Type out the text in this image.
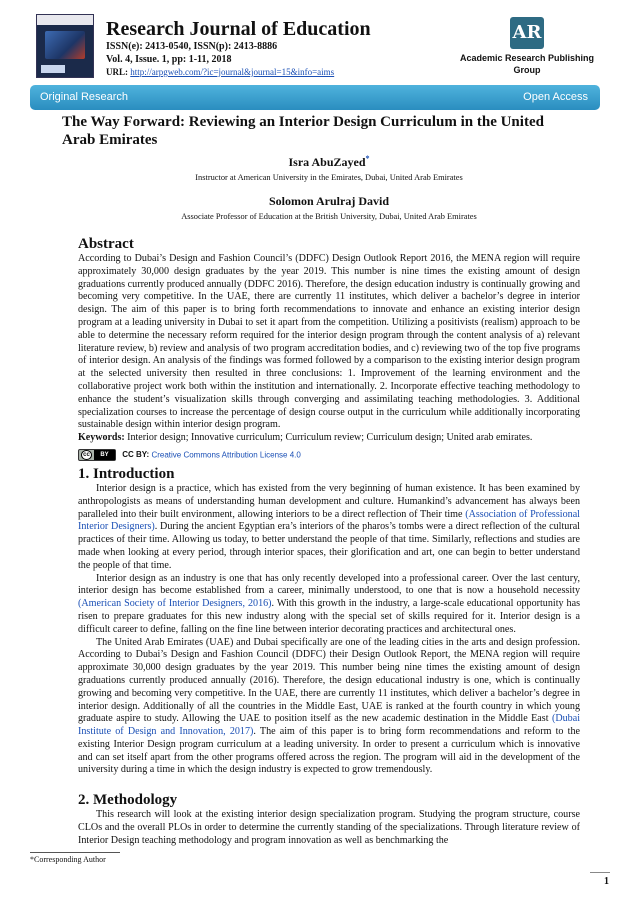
Research Journal of Education
ISSN(e): 2413-0540, ISSN(p): 2413-8886
Vol. 4, Issue. 1, pp: 1-11, 2018
URL: http://arpgweb.com/?ic=journal&journal=15&info=aims
AR
Academic Research Publishing Group
Original Research	Open Access
The Way Forward: Reviewing an Interior Design Curriculum in the United Arab Emirates
Isra AbuZayed*
Instructor at American University in the Emirates, Dubai, United Arab Emirates
Solomon Arulraj David
Associate Professor of Education at the British University, Dubai, United Arab Emirates
Abstract

According to Dubai’s Design and Fashion Council’s (DDFC) Design Outlook Report 2016, the MENA region will require approximately 30,000 design graduates by the year 2019. This number is nine times the existing amount of design graduations currently produced annually (DDFC 2016). Therefore, the design education industry is continually growing and becoming very competitive. In the UAE, there are currently 11 institutes, which deliver a bachelor’s degree in interior design. The aim of this paper is to bring forth recommendations to innovate and enhance an existing interior design program at a leading university in Dubai to set it apart from the competition. Utilizing a positivists (realism) approach to be able to determine the necessary reform required for the interior design program through the content analysis of a) relevant literature review, b) review and analysis of two program accreditation bodies, and c) reviewing two of the top five programs of interior design. An analysis of the findings was formed followed by a comparison to the existing interior design program at the selected university then resulted in three conclusions: 1. Improvement of the learning environment and the collaborative project work both within the institution and internationally. 2. Incorporate effective teaching methodology to enhance the student’s visualization skills through converging and assimilating teaching methodologies. 3. Additional specialization courses to increase the percentage of design course output in the curriculum while additionally incorporating sustainable design within interior design program.

Keywords: Interior design; Innovative curriculum; Curriculum review; Curriculum design; United arab emirates.
cc	BY	CC BY: Creative Commons Attribution License 4.0
1. Introduction

Interior design is a practice, which has existed from the very beginning of human existence. It has been examined by anthropologists as means of understanding human development and culture. Humankind’s advancement has always been paralleled into their built environment, allowing interiors to be a direct reflection of Their time (Association of Professional Interior Designers). During the ancient Egyptian era’s interiors of the pharos’s tombs were a direct reflection of the cultural practices of their time. Allowing us today, to better understand the people of that time. Similarly, reflections and studies are made when looking at every period, through interior spaces, their glorification and art, one can begin to better understand the people of that time.

Interior design as an industry is one that has only recently developed into a professional career. Over the last century, interior design has become established from a career, minimally understood, to one that is now a household necessity (American Society of Interior Designers, 2016). With this growth in the industry, a large-scale educational opportunity has risen to prepare graduates for this new industry along with the special set of skills required for it. Interior design is a difficult career to define, falling on the fine line between interior decorating practices and architectural ones.

The United Arab Emirates (UAE) and Dubai specifically are one of the leading cities in the arts and design profession. According to Dubai’s Design and Fashion Council (DDFC) their Design Outlook Report, the MENA region will require approximate 30,000 design graduates by the year 2019. This number being nine times the existing amount of design graduations currently produced annually (2016). Therefore, the design educational industry is one, which is continually growing and becoming very competitive. In the UAE, there are currently 11 institutes, which deliver a bachelor’s degree in interior design. Additionally of all the countries in the Middle East, UAE is ranked at the fourth country in which young graduate aspire to study. Allowing the UAE to position itself as the new academic destination in the Middle East (Dubai Institute of Design and Innovation, 2017). The aim of this paper is to bring form recommendations and reform to the existing Interior Design program curriculum at a leading university. In order to present a curriculum which is innovative and can set itself apart from the other programs offered across the region. The program will aid in the development of the university during a time in which the design industry is expected to grow tremendously.

2. Methodology

This research will look at the existing interior design specialization program. Studying the program structure, course CLOs and the overall PLOs in order to determine the currently standing of the specializations. Through literature review of Interior Design teaching methodology and program innovation as well as benchmarking the

*Corresponding Author
1
